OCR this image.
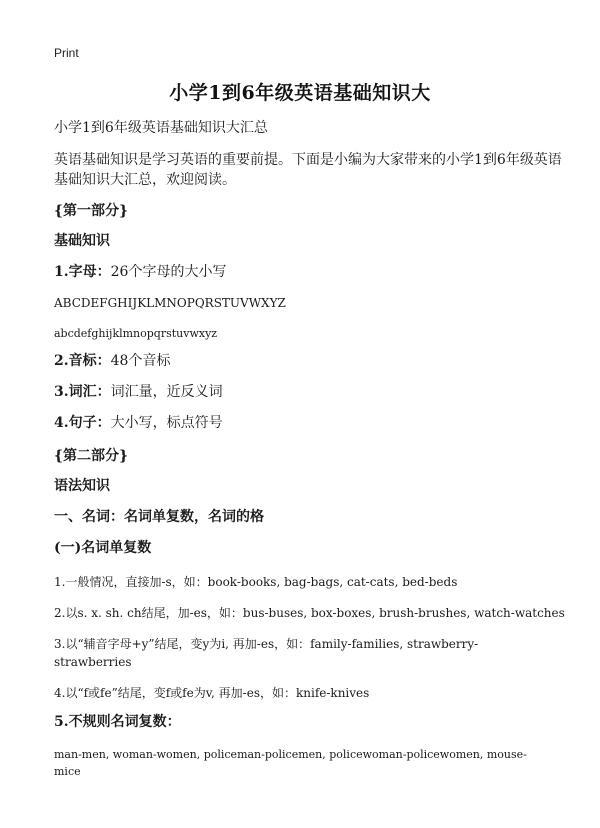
Print
小学1到6年级英语基础知识大
小学1到6年级英语基础知识大汇总
英语基础知识是学习英语的重要前提。下面是小编为大家带来的小学1到6年级英语
基础知识大汇总，欢迎阅读。
{第一部分}
基础知识
1.字母：26个字母的大小写
ABCDEFGHIJKLMNOPQRSTUVWXYZ
abcdefghijklmnopqrstuvwxyz
2.音标：48个音标
3.词汇：词汇量，近反义词
4.句子：大小写，标点符号
{第二部分}
语法知识
一、名词：名词单复数，名词的格
(一)名词单复数
1.一般情况，直接加-s，如：book-books, bag-bags, cat-cats, bed-beds
2.以s. x. sh. ch结尾，加-es，如：bus-buses, box-boxes, brush-brushes, watch-watches
3.以“辅音字母+y”结尾，变y为i, 再加-es，如：family-families, strawberry-
strawberries
4.以“f或fe”结尾，变f或fe为v, 再加-es，如：knife-knives
5.不规则名词复数：
man-men, woman-women, policeman-policemen, policewoman-policewomen, mouse-
mice
